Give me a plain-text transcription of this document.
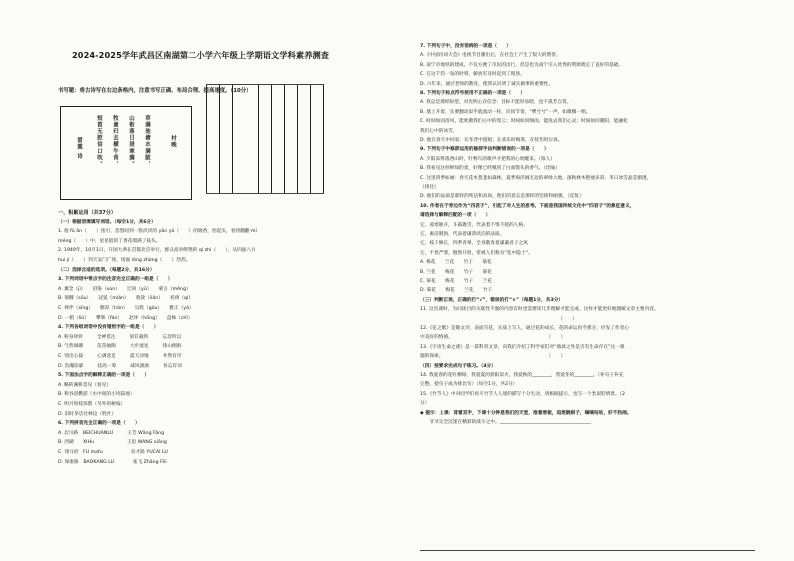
2024-2025学年武昌区南湖第二小学六年级上学期语文学科素养测查
书写题：将古诗写在右边条格内，注意书写正确、布局合理、提高速度。（10分）
村晚
草满池塘水满陂，
山衔落日浸寒漪。
牧童归去横牛背，
短笛无腔信口吹。
雷震 诗
一、积累运用（共37分）
（一）根据语境填写词语。（每空1分，共6分）
1. 他 fǔ ān（　　）指引，忽然间到一股淡淡的 yān yǔ（　　）的烟香，抬起头，看到翻翻 mí
méng（　　）中，星星般的丁香花缀满了枝头。
2. 1949年，10月1日，开国大典在首都北京举行，群众高举鲜艳的 qí zhì（　　），从四面八方
huì jí（　　）到天安门广场，场面 lóng zhòng（　　）热烈。
（二）选择合适的选项。（每题2分，共16分）
3. 下列词语中带点字的注音完全正确的一组是（　　）
A. 翼念（jì）　　沼染（xùn）　　迂回（yū）　　蒙古（měng）
B. 瑞艘（sōu）　　冠冕（miǎn）　　收敛（liǎn）　　祈祷（qí）
C. 摔伴（xīng）　　憨厚（hān）　　勾股（gòu）　　雅正（yǎ）
D. 一梢（liǔ）　　攀峯（fán）　　赵坏（hōng）　　盘株（chǐ）
4. 下列各组词语中没有错别字的一组是（　　）
A. 粉身择骨　　　全神贯注　　　斩钉截铁　　　忘忽所以
B. 气势磅礴　　　苗苗抽陶　　　大步流星　　　排山倒海
C. 别出心裁　　　心满意足　　　震天动地　　　井然有序
D. 浩瀚馀暴　　　技高一筹　　　威风凛凛　　　各忘有词
5. 下面加点字的解释正确的一项是（　　）
A. 略转溪桥忽见（看见）
B. 称谷浴燃游（水中间的小块陆地）
C. 明月别枝惊鹊（另外的树枝）
D. 旧时茅店社林边（胜社）
6. 下列拼音完全正确的一项是（　　）
A. 北川路　BEICHUANLU　　　王芳 Wāng Fāng
B. 西湖　　XIHu　　　　　　　王思 WANG xiāng
C. 翎马府　FU mafu　　　　　　育才路 YUCAI LU
D. 保康路　BAOKANG LU　　　　张飞 Zhāng Fēi
7. 下列句子中，没有语病的一项是（　　）
A.《中国诗词大会》电视节目播出后，在社会上产生了很大的赞誉。
B. 南宁市地铁的建成，不仅方便了市民的出行，但是也为南宁引入优秀的资源奠定了良好的基础。
C. 在这千钧一发的时刻，解放军及时赶到了现场。
D. 六年来，通过老师的教育，使我认识到了诚实做事的重要性。
8. 下列句子标点符号使用不正确的一项是（　　）
A. 我总是那样盼望，对光明心存信念：目标不能轻易暗，也不孤芳自赏。
B. 墙上开着，头要翻动似乎就流动一样，向同节奏，“嘿兮兮”一声，如歌哪一唱。
C. 时间如同清风，能吹散我们心中的怨云；时间如同细雨，能洗去我们心灵；时间如同暖阳，能融化
我们心中的冰雪。
D. 他在春天中回家：在冬晋中游船；在欢乐时喝茶，在忧伤时泣诉。
9. 下列句子中修辞运用的修辞手法判断错误的一项是（　　）
A. 夕阳冻得落西山时，红鸭鸟的歌声才把我的心吹醒来。（拟人）
B. 我看见这样鲜绿的麦，好像已经嗅到了白面馍头的香气。（比喻）
C. 这里四季如画：春天花木葱茏如森林，夏季海洋阔无边的翠绿大地，深秋林木艳丽多彩，冬日冰雪晶莹剔透，
（排比）
D. 他们的品质是那样的纯洁和高尚，他们的意志是那样的坚韧和刚强。（反复）
10. 作者在于旁边作为“四君子”，引起了对人生的思考。下面是我国传统文化中“四君子”的象征意义，
请选择与解释匹配的一项（　　）
它，凌寒独开，斗霜傲雪，代表着不惧不挠的人格。
它，素洁脱俗，代表着谦恭淡泊的品质。
它，枝干修长，四季青翠，全身散发着谦谦君子之风
它，不畏严寒，傲然开放，常被人们称为“花中隐士”。
A. 梅花　　兰花　　竹子　　菊花
B. 兰花　　梅花　　竹子　　菊花
C. 菊花　　梅花　　竹子　　兰花
D. 菊花　　梅花　　兰花　　竹子
（三）判断正误，正确的打“√”，错误的打“×”（每题1分，共3分）
11. 这次课时，为问读目的关联性不强的内容有时也需要读几步理解才能完成。这样才能更好地理解文章主要内容。
　　　　　　　　　　　　　　　　　　　　　　　　　　　　　　（　　）
12.《花之歌》是散文诗，表面写花，实质上写人，通过花的成长，花的命运再今那分，抒发了作者心
中美好的情感。　　　　　　　　　　　　　　　　　　　　　（　　）
13.《宇宙生命之谜》是一篇科普文章，向我们介绍了科学家们对“地球之外是否有生命存在”这一课
题的探索。　　　　　　　　　　　　　　　　　　　　　　　（　　）
（四）按要求完成句子练习。（4分）
14. 我爱春的花红柳绿，我爱夏的骄阳似火，我爱秋的________，我爱冬的________。（补句子补充
完整，使句子成为排比句）（每空1分，共2分）
15.《竹节人》中对同学们看斗竹节人人迷的描写十分生动，请根据提示，也写一个类似的情景。（2
分）
◆ 提示：上课：背着双手，下课十分钟是我们的天堂，推着滑板，追逐跳棋子，嘀嘀咕咕，好不热闹。
　　爷爷完全沉迷在精彩的战斗之中。_______________________________________
